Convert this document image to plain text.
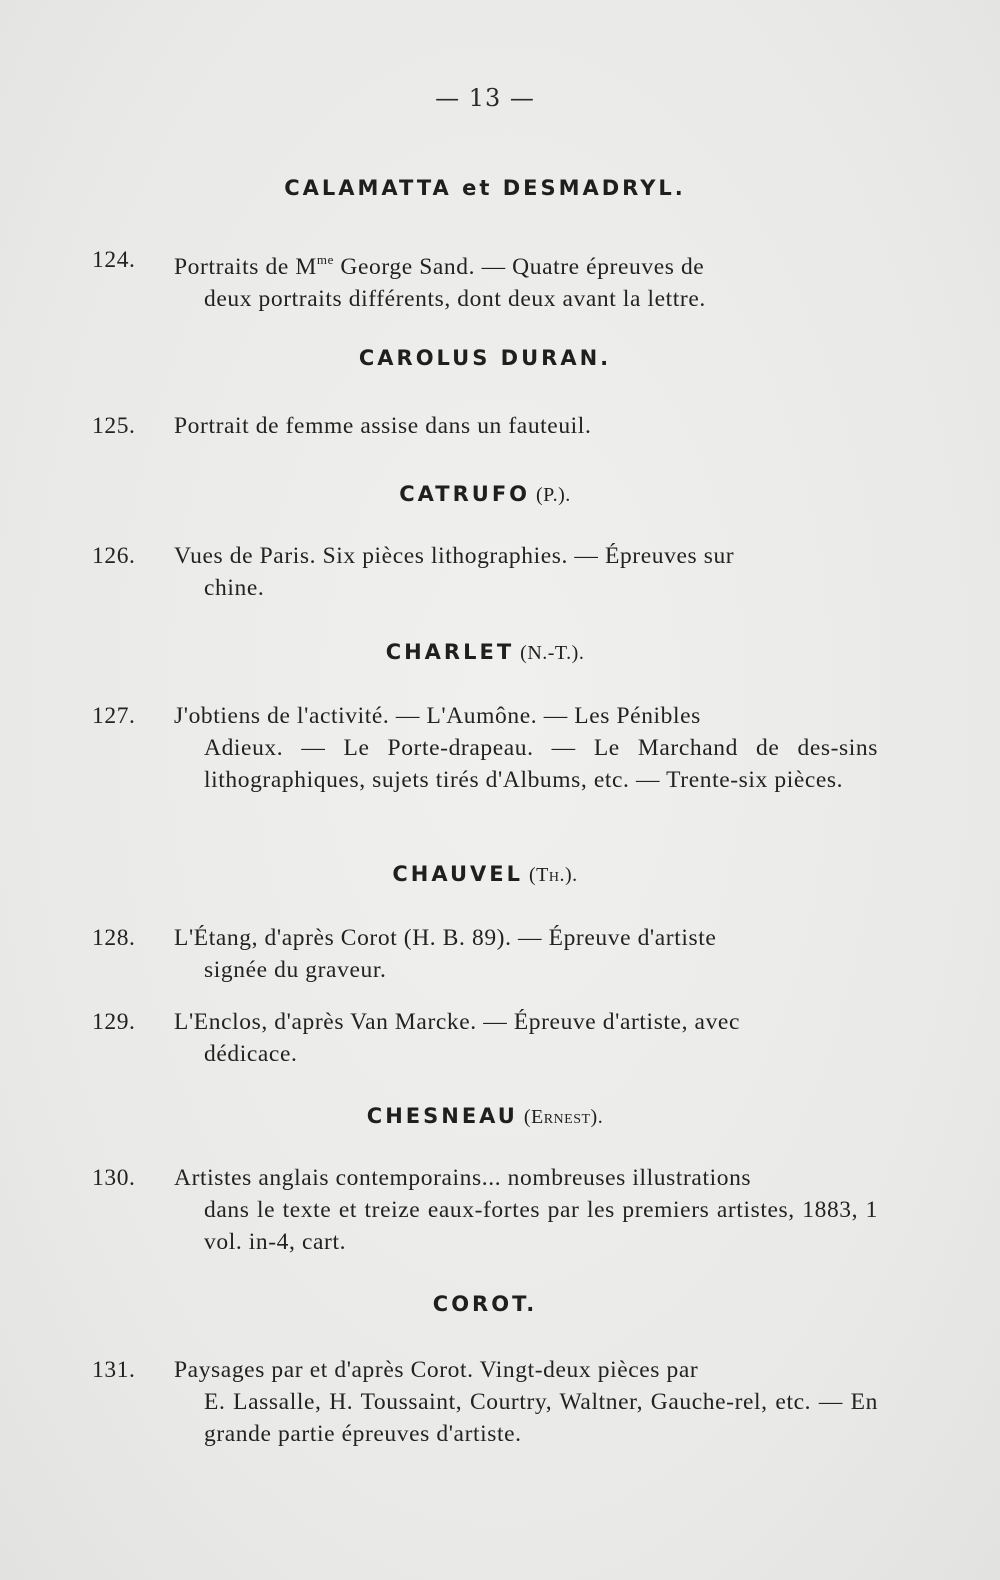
— 13 —
CALAMATTA et DESMADRYL.
124.	Portraits de $M^{me}$ George Sand. — Quatre épreuves de
deux portraits différents, dont deux avant la lettre.
CAROLUS DURAN.
125.	Portrait de femme assise dans un fauteuil.
CATRUFO (P.).
126.	Vues de Paris. Six pièces lithographies. — Épreuves sur
chine.
CHARLET (N.-T.).
127.	J'obtiens de l'activité. — L'Aumône. — Les Pénibles
Adieux. — Le Porte-drapeau. — Le Marchand de des-sins lithographiques, sujets tirés d'Albums, etc. — Trente-six pièces.
CHAUVEL (Th.).
128.	L'Étang, d'après Corot (H. B. 89). — Épreuve d'artiste
signée du graveur.
129.	L'Enclos, d'après Van Marcke. — Épreuve d'artiste, avec
dédicace.
CHESNEAU (Ernest).
130.	Artistes anglais contemporains... nombreuses illustrations
dans le texte et treize eaux-fortes par les premiers artistes, 1883, 1 vol. in-4, cart.
COROT.
131.	Paysages par et d'après Corot. Vingt-deux pièces par
E. Lassalle, H. Toussaint, Courtry, Waltner, Gauche-rel, etc. — En grande partie épreuves d'artiste.
